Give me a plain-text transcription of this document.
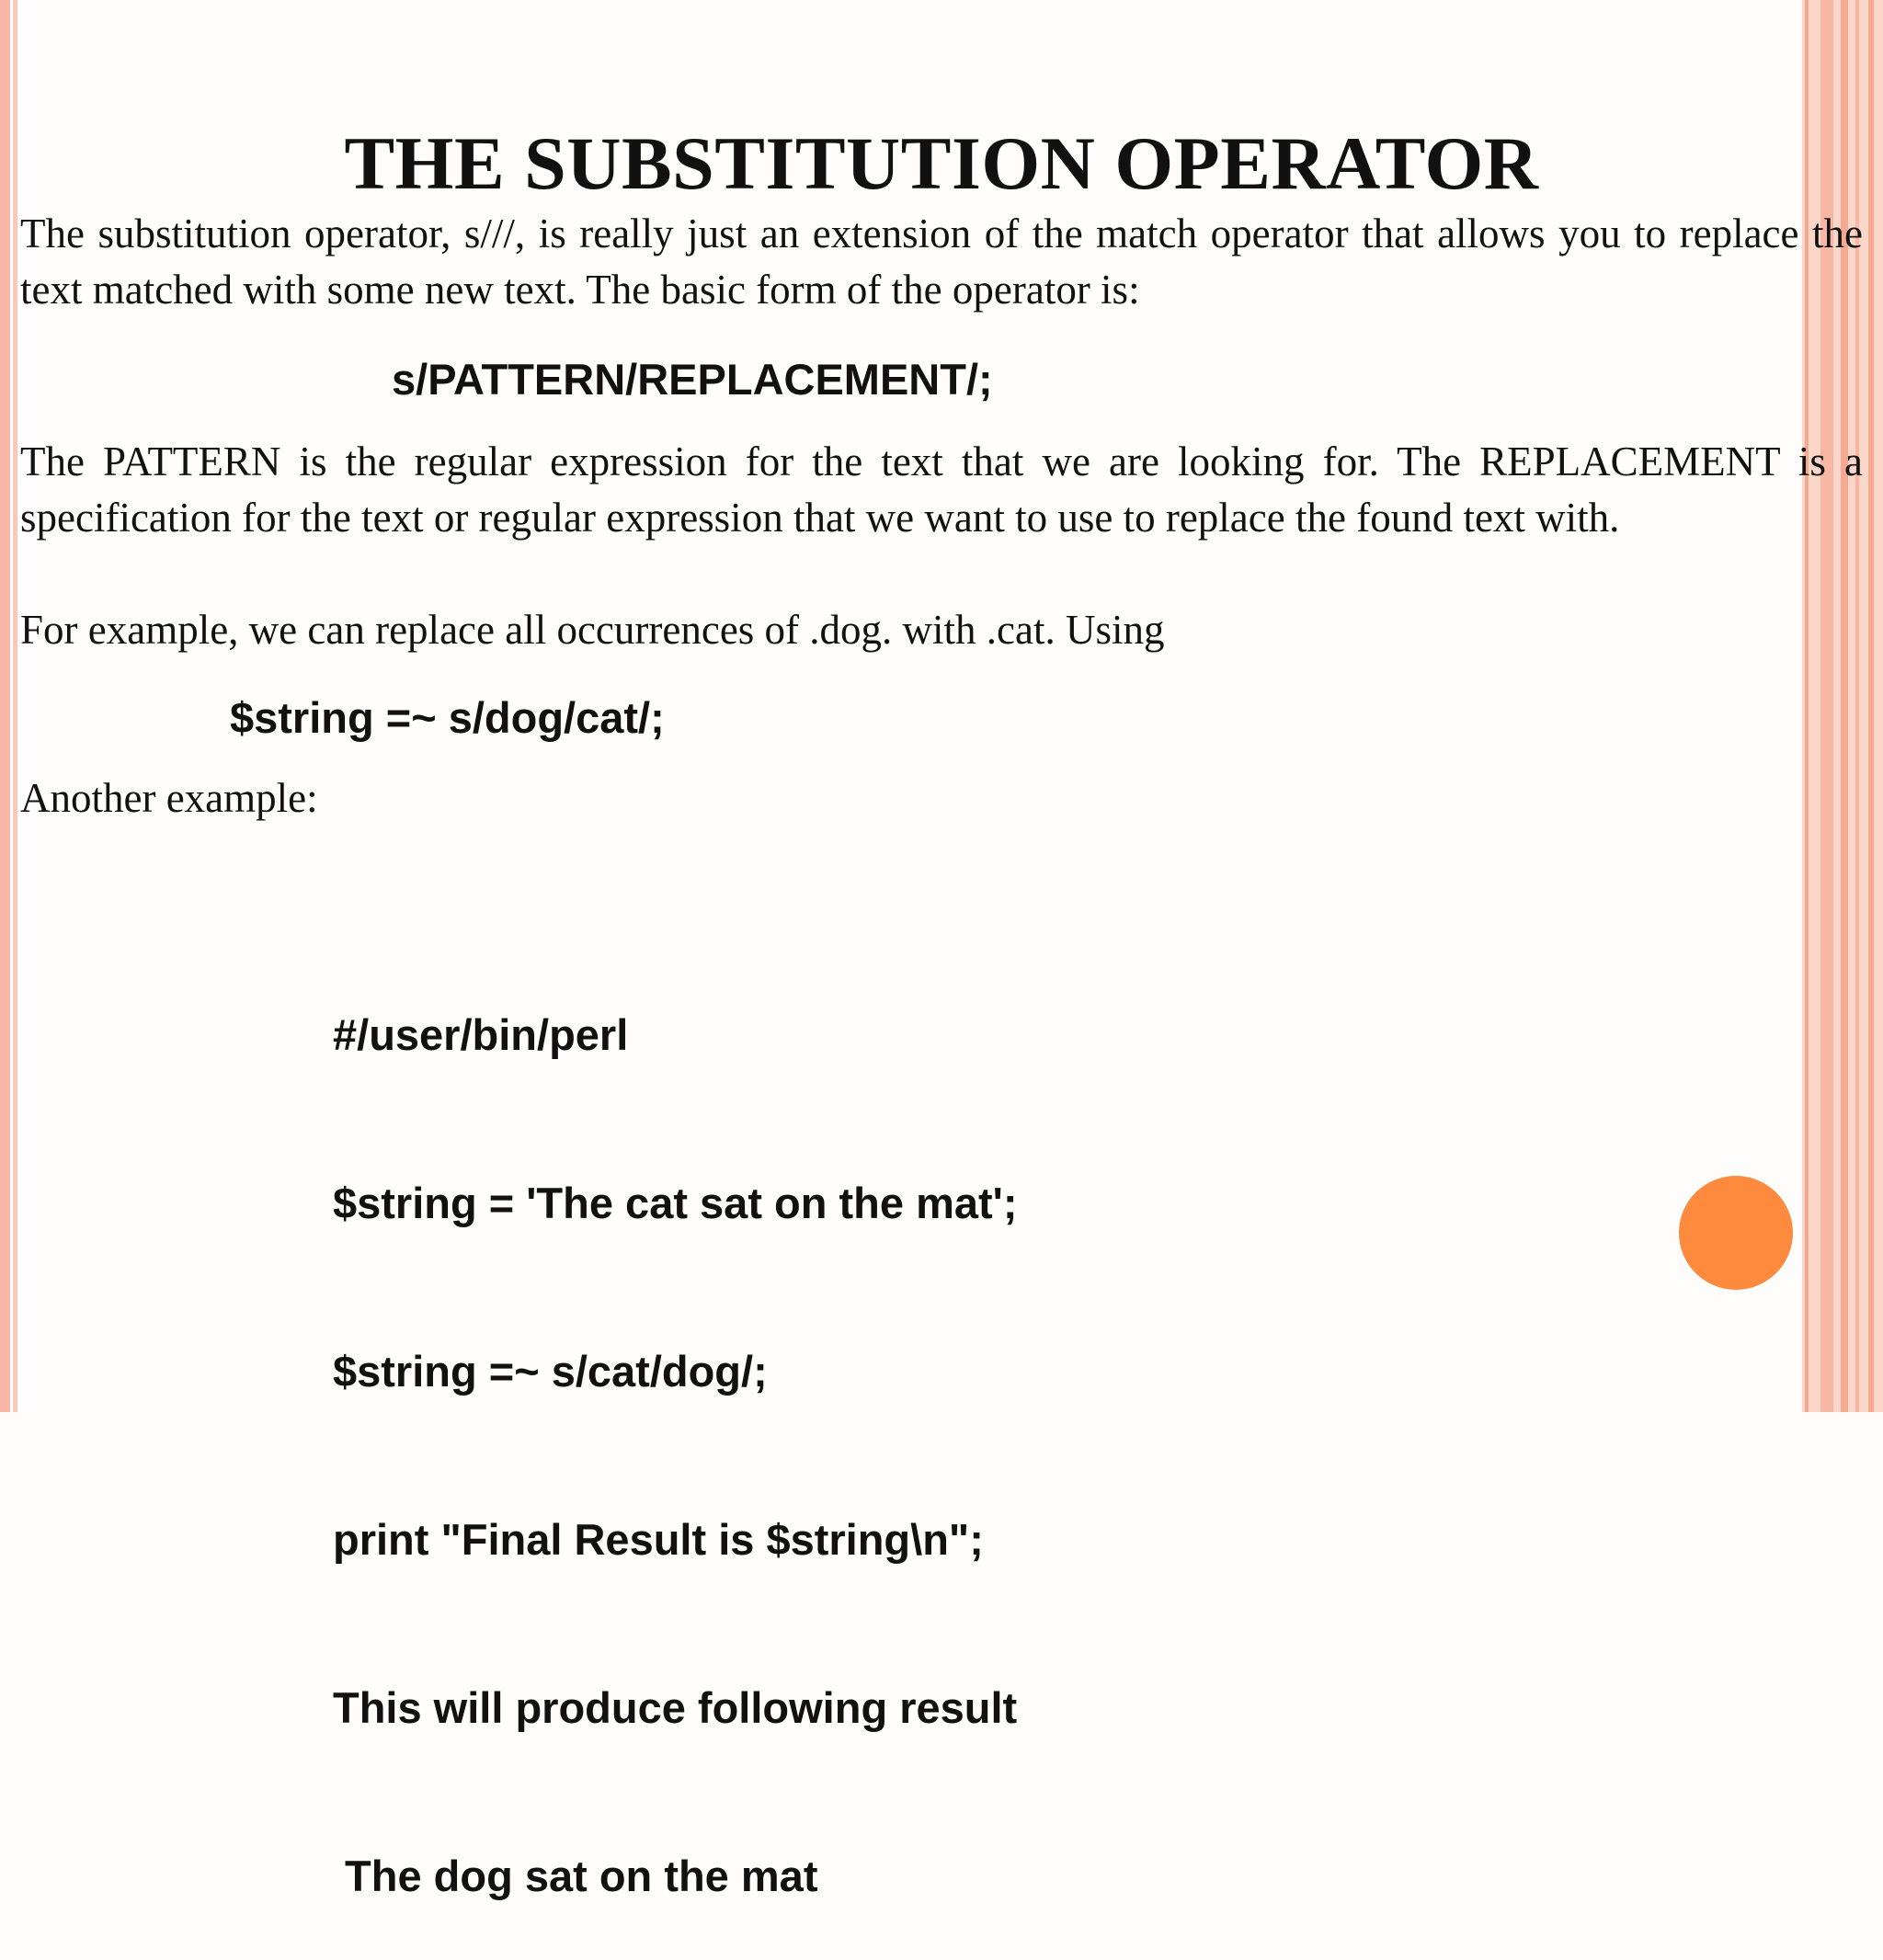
THE SUBSTITUTION OPERATOR

The substitution operator, s///, is really just an extension of the match operator that allows you to replace the text matched with some new text. The basic form of the operator is:

s/PATTERN/REPLACEMENT/;

The PATTERN is the regular expression for the text that we are looking for. The REPLACEMENT is a specification for the text or regular expression that we want to use to replace the found text with.

For example, we can replace all occurrences of .dog. with .cat. Using

$string =~ s/dog/cat/;

Another example:

#/user/bin/perl

$string = 'The cat sat on the mat';

$string =~ s/cat/dog/;

print "Final Result is $string\n";

This will produce following result

The dog sat on the mat
